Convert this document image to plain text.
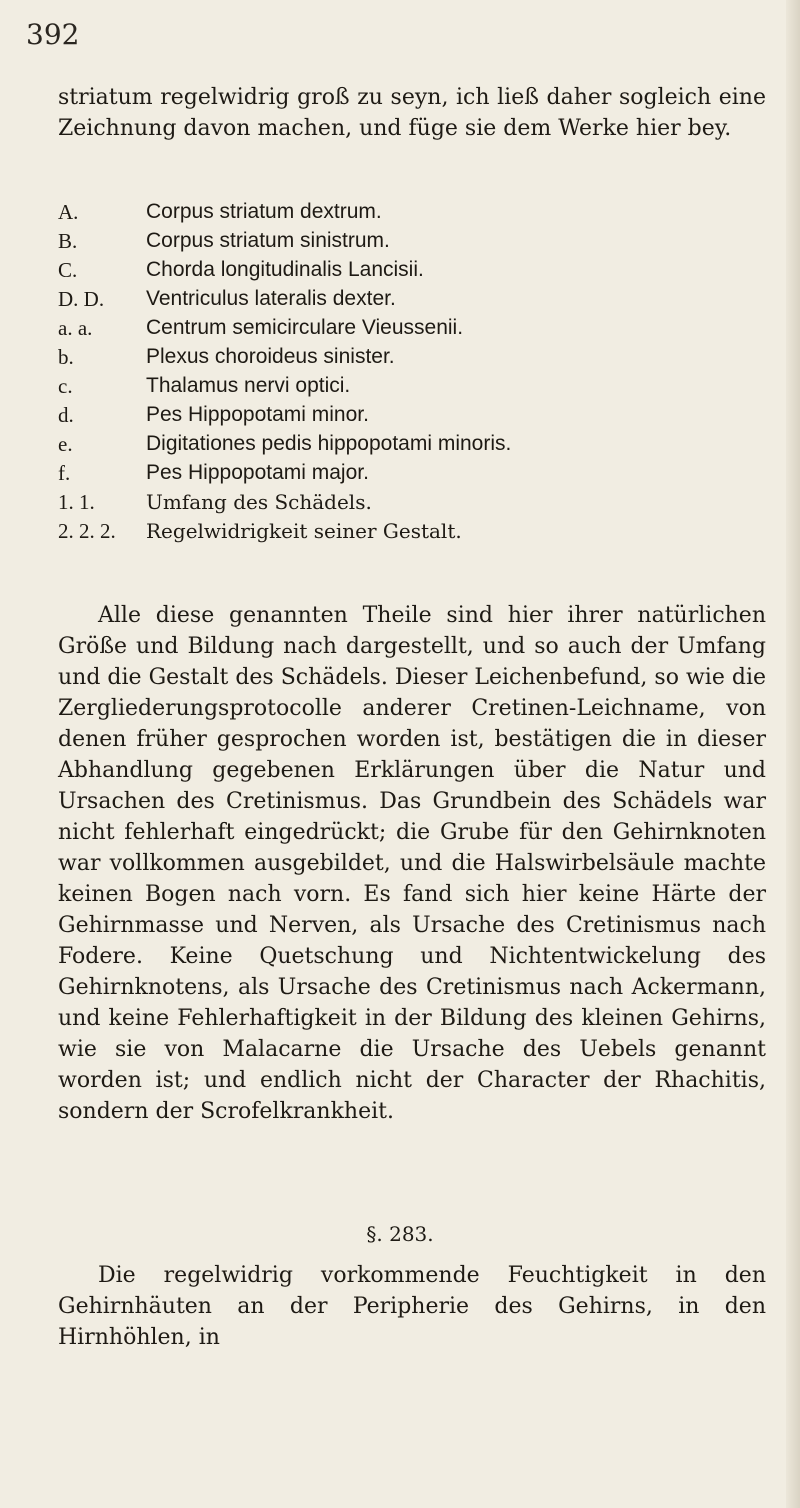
392

striatum regelwidrig groß zu seyn, ich ließ daher sogleich eine Zeichnung davon machen, und füge sie dem Werke hier bey.

A.	Corpus striatum dextrum.
B.	Corpus striatum sinistrum.
C.	Chorda longitudinalis Lancisii.
D. D.	Ventriculus lateralis dexter.
a. a.	Centrum semicirculare Vieussenii.
b.	Plexus choroideus sinister.
c.	Thalamus nervi optici.
d.	Pes Hippopotami minor.
e.	Digitationes pedis hippopotami minoris.
f.	Pes Hippopotami major.
1. 1.	Umfang des Schädels.
2. 2. 2.	Regelwidrigkeit seiner Gestalt.

Alle diese genannten Theile sind hier ihrer natürlichen Größe und Bildung nach dargestellt, und so auch der Umfang und die Gestalt des Schädels. Dieser Leichenbefund, so wie die Zergliederungsprotocolle anderer Cretinen-Leichname, von denen früher gesprochen worden ist, bestätigen die in dieser Abhandlung gegebenen Erklärungen über die Natur und Ursachen des Cretinismus. Das Grundbein des Schädels war nicht fehlerhaft eingedrückt; die Grube für den Gehirnknoten war vollkommen ausgebildet, und die Halswirbelsäule machte keinen Bogen nach vorn. Es fand sich hier keine Härte der Gehirnmasse und Nerven, als Ursache des Cretinismus nach Fodere. Keine Quetschung und Nichtentwickelung des Gehirnknotens, als Ursache des Cretinismus nach Ackermann, und keine Fehlerhaftigkeit in der Bildung des kleinen Gehirns, wie sie von Malacarne die Ursache des Uebels genannt worden ist; und endlich nicht der Character der Rhachitis, sondern der Scrofelkrankheit.

§. 283.

Die regelwidrig vorkommende Feuchtigkeit in den Gehirnhäuten an der Peripherie des Gehirns, in den Hirnhöhlen, in
